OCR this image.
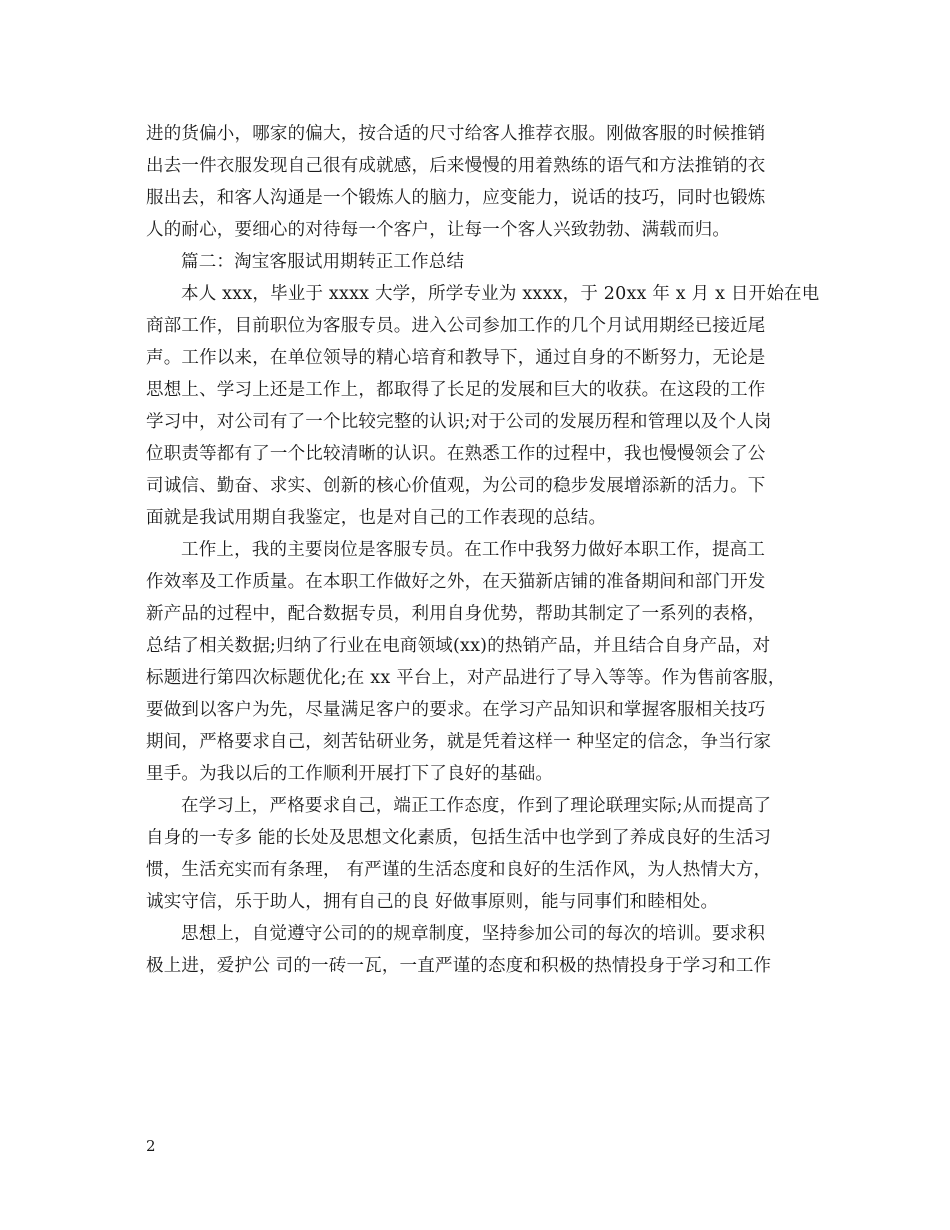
进的货偏小，哪家的偏大，按合适的尺寸给客人推荐衣服。刚做客服的时候推销
出去一件衣服发现自己很有成就感，后来慢慢的用着熟练的语气和方法推销的衣
服出去，和客人沟通是一个锻炼人的脑力，应变能力，说话的技巧，同时也锻炼
人的耐心，要细心的对待每一个客户，让每一个客人兴致勃勃、满载而归。
篇二：淘宝客服试用期转正工作总结
本人 xxx，毕业于 xxxx 大学，所学专业为 xxxx，于 20xx 年 x 月 x 日开始在电
商部工作，目前职位为客服专员。进入公司参加工作的几个月试用期经已接近尾
声。工作以来，在单位领导的精心培育和教导下，通过自身的不断努力，无论是
思想上、学习上还是工作上，都取得了长足的发展和巨大的收获。在这段的工作
学习中，对公司有了一个比较完整的认识;对于公司的发展历程和管理以及个人岗
位职责等都有了一个比较清晰的认识。在熟悉工作的过程中，我也慢慢领会了公
司诚信、勤奋、求实、创新的核心价值观，为公司的稳步发展增添新的活力。下
面就是我试用期自我鉴定，也是对自己的工作表现的总结。
工作上，我的主要岗位是客服专员。在工作中我努力做好本职工作，提高工
作效率及工作质量。在本职工作做好之外，在天猫新店铺的准备期间和部门开发
新产品的过程中，配合数据专员，利用自身优势，帮助其制定了一系列的表格，
总结了相关数据;归纳了行业在电商领域(xx)的热销产品，并且结合自身产品，对
标题进行第四次标题优化;在 xx 平台上，对产品进行了导入等等。作为售前客服，
要做到以客户为先，尽量满足客户的要求。在学习产品知识和掌握客服相关技巧
期间，严格要求自己，刻苦钻研业务，就是凭着这样一 种坚定的信念，争当行家
里手。为我以后的工作顺利开展打下了良好的基础。
在学习上，严格要求自己，端正工作态度，作到了理论联理实际;从而提高了
自身的一专多 能的长处及思想文化素质，包括生活中也学到了养成良好的生活习
惯，生活充实而有条理， 有严谨的生活态度和良好的生活作风，为人热情大方，
诚实守信，乐于助人，拥有自己的良 好做事原则，能与同事们和睦相处。
思想上，自觉遵守公司的的规章制度，坚持参加公司的每次的培训。要求积
极上进，爱护公 司的一砖一瓦，一直严谨的态度和积极的热情投身于学习和工作
2
